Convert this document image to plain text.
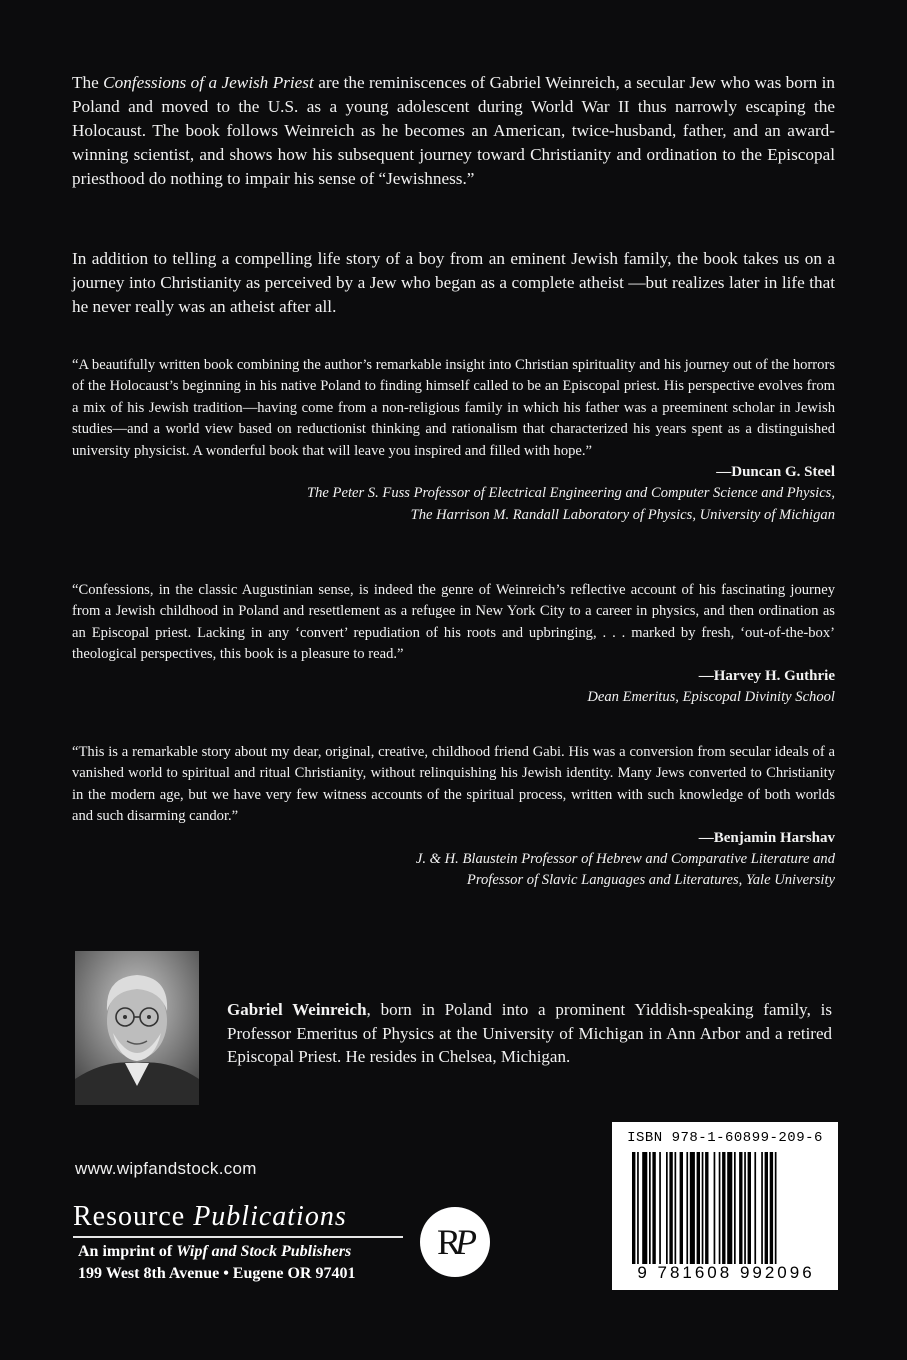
The Confessions of a Jewish Priest are the reminiscences of Gabriel Weinreich, a secular Jew who was born in Poland and moved to the U.S. as a young adolescent during World War II thus narrowly escaping the Holocaust. The book follows Weinreich as he becomes an American, twice-husband, father, and an award-winning scientist, and shows how his subsequent journey toward Christianity and ordination to the Episcopal priesthood do nothing to impair his sense of “Jewishness.”
In addition to telling a compelling life story of a boy from an eminent Jewish family, the book takes us on a journey into Christianity as perceived by a Jew who began as a complete atheist —but realizes later in life that he never really was an atheist after all.
“A beautifully written book combining the author’s remarkable insight into Christian spirituality and his journey out of the horrors of the Holocaust’s beginning in his native Poland to finding himself called to be an Episcopal priest. His perspective evolves from a mix of his Jewish tradition—having come from a non-religious family in which his father was a preeminent scholar in Jewish studies—and a world view based on reductionist thinking and rationalism that characterized his years spent as a distinguished university physicist. A wonderful book that will leave you inspired and filled with hope.”
—Duncan G. Steel
The Peter S. Fuss Professor of Electrical Engineering and Computer Science and Physics,
The Harrison M. Randall Laboratory of Physics, University of Michigan
“Confessions, in the classic Augustinian sense, is indeed the genre of Weinreich’s reflective account of his fascinating journey from a Jewish childhood in Poland and resettlement as a refugee in New York City to a career in physics, and then ordination as an Episcopal priest. Lacking in any ‘convert’ repudiation of his roots and upbringing, . . . marked by fresh, ‘out-of-the-box’ theological perspectives, this book is a pleasure to read.”
—Harvey H. Guthrie
Dean Emeritus, Episcopal Divinity School
“This is a remarkable story about my dear, original, creative, childhood friend Gabi. His was a conversion from secular ideals of a vanished world to spiritual and ritual Christianity, without relinquishing his Jewish identity. Many Jews converted to Christianity in the modern age, but we have very few witness accounts of the spiritual process, written with such knowledge of both worlds and such disarming candor.”
—Benjamin Harshav
J. & H. Blaustein Professor of Hebrew and Comparative Literature and
Professor of Slavic Languages and Literatures, Yale University
Gabriel Weinreich, born in Poland into a prominent Yiddish-speaking family, is Professor Emeritus of Physics at the University of Michigan in Ann Arbor and a retired Episcopal Priest. He resides in Chelsea, Michigan.
www.wipfandstock.com
Resource Publications
An imprint of Wipf and Stock Publishers
199 West 8th Avenue • Eugene OR 97401
R
P
ISBN 978-1-60899-209-6
9 781608 992096
